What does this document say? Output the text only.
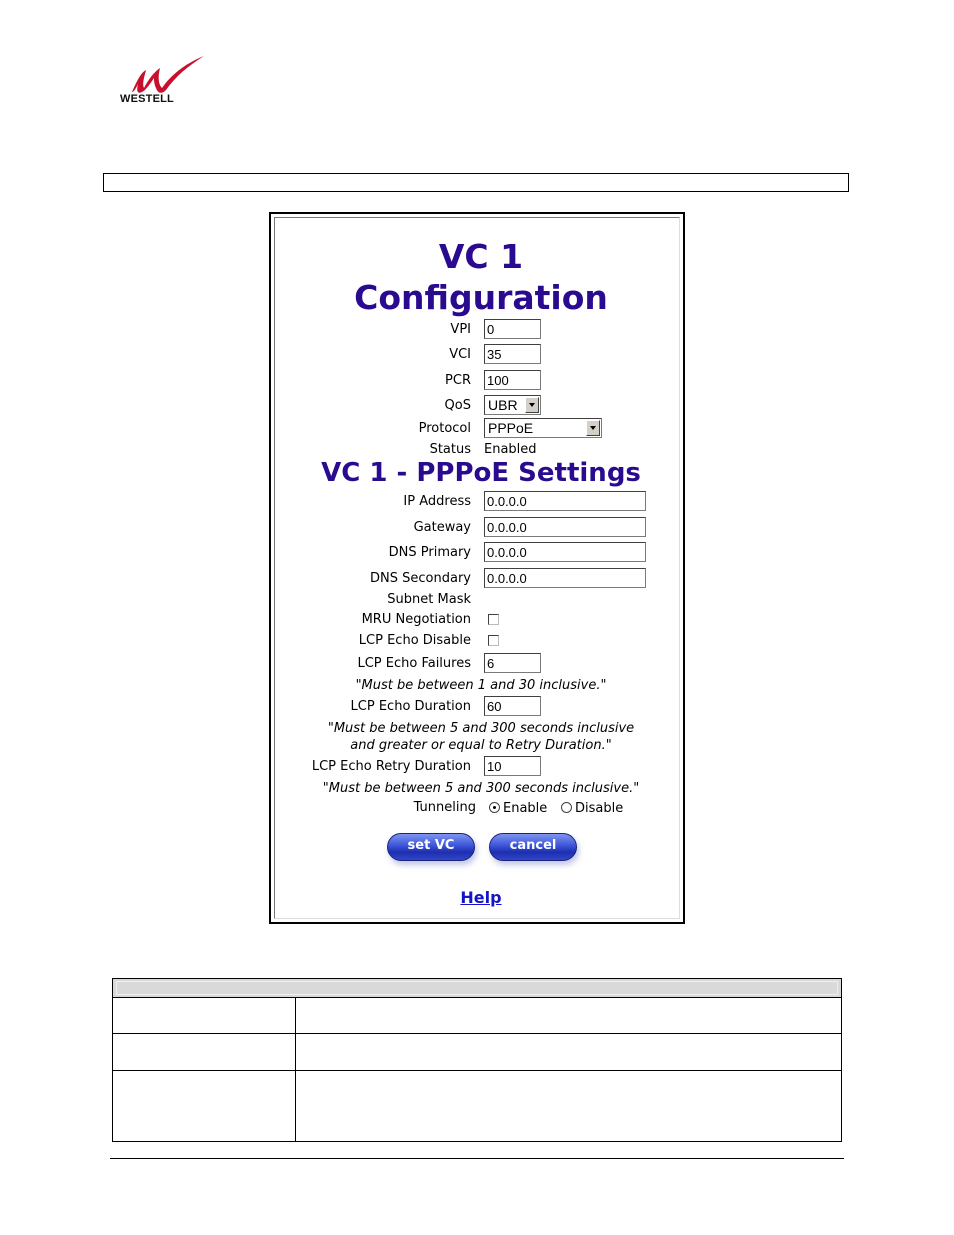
WESTELL
VC 1
Configuration
VPI
0
VCI
35
PCR
100
QoS UBR
Protocol PPPoE
Status Enabled
VC 1 - PPPoE Settings
IP Address
0.0.0.0
Gateway
0.0.0.0
DNS Primary
0.0.0.0
DNS Secondary
0.0.0.0
Subnet Mask
MRU Negotiation
LCP Echo Disable
LCP Echo Failures
6
"Must be between 1 and 30 inclusive."
LCP Echo Duration
60
"Must be between 5 and 300 seconds inclusive
and greater or equal to Retry Duration."
LCP Echo Retry Duration
10
"Must be between 5 and 300 seconds inclusive."
Tunneling Enable Disable
set VC	cancel
Help
